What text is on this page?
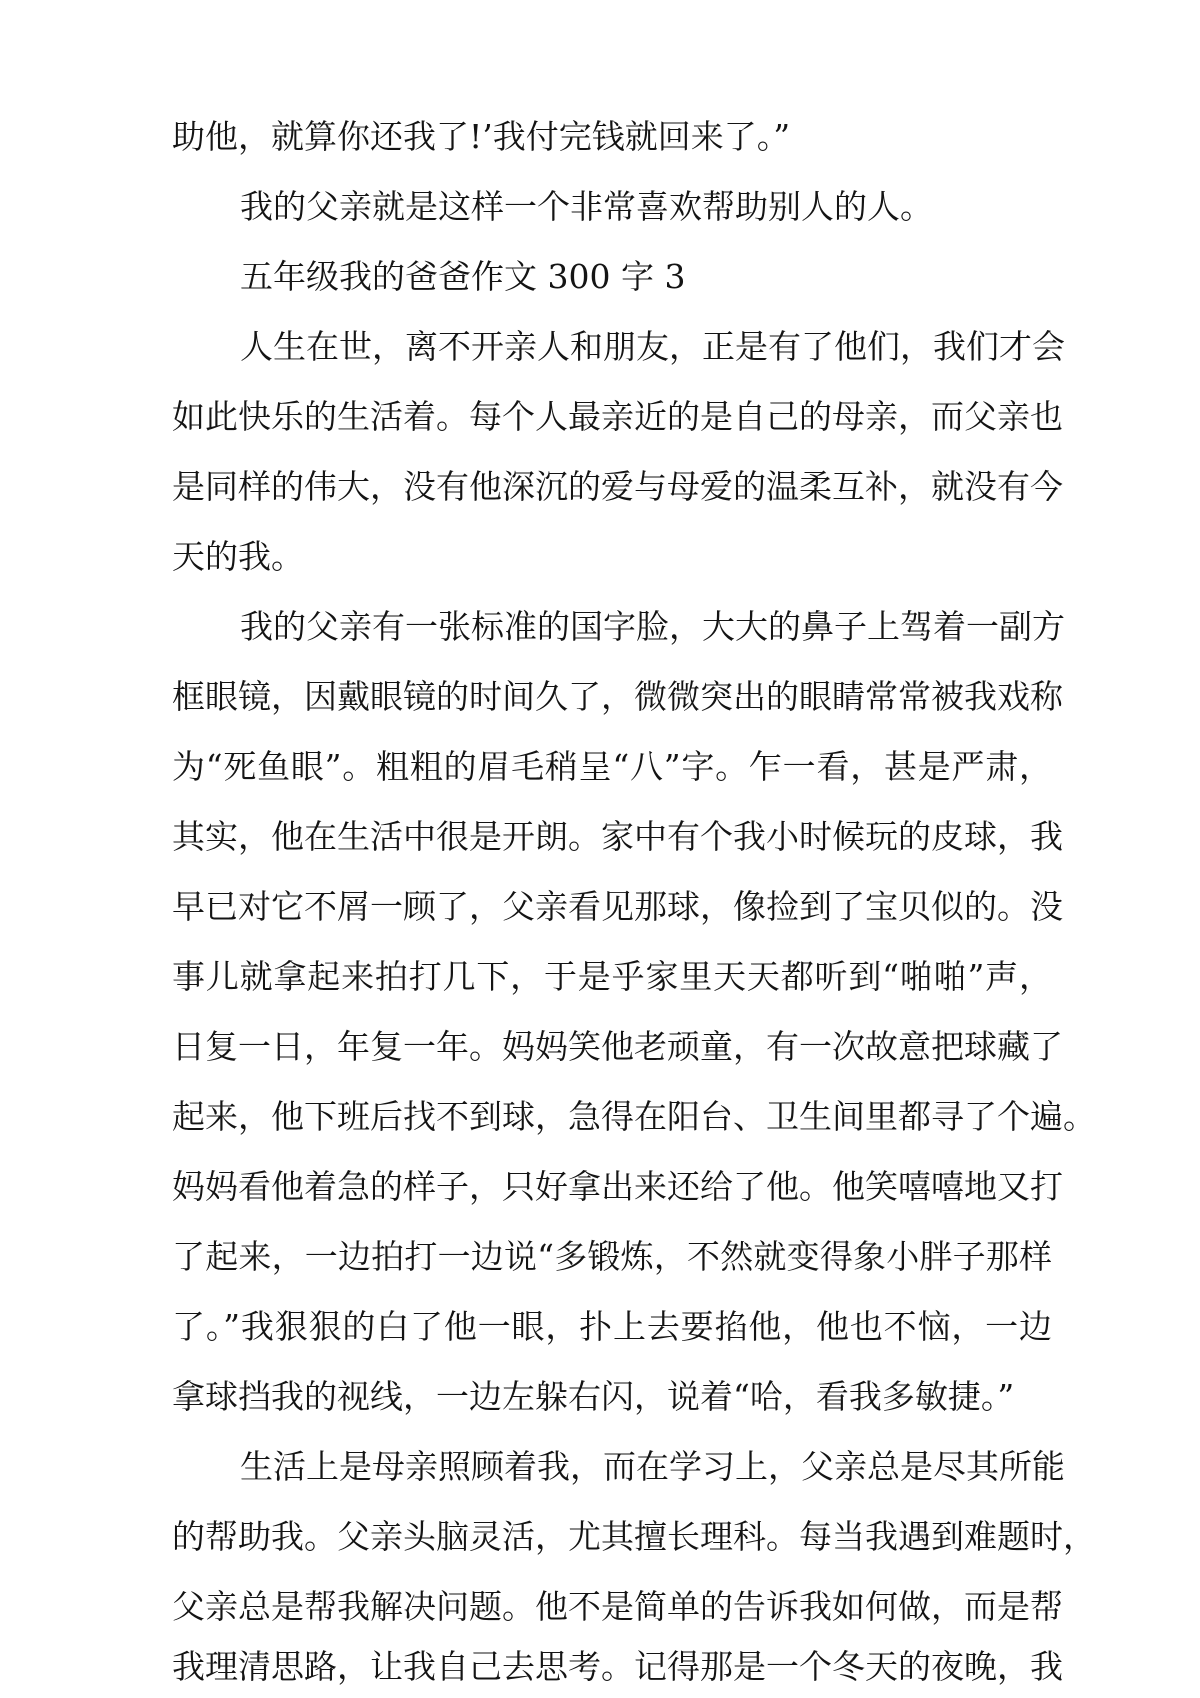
助他，就算你还我了!’我付完钱就回来了。”
我的父亲就是这样一个非常喜欢帮助别人的人。
五年级我的爸爸作文 300 字 3
人生在世，离不开亲人和朋友，正是有了他们，我们才会
如此快乐的生活着。每个人最亲近的是自己的母亲，而父亲也
是同样的伟大，没有他深沉的爱与母爱的温柔互补，就没有今
天的我。
我的父亲有一张标准的国字脸，大大的鼻子上驾着一副方
框眼镜，因戴眼镜的时间久了，微微突出的眼睛常常被我戏称
为“死鱼眼”。粗粗的眉毛稍呈“八”字。乍一看，甚是严肃，
其实，他在生活中很是开朗。家中有个我小时候玩的皮球，我
早已对它不屑一顾了，父亲看见那球，像捡到了宝贝似的。没
事儿就拿起来拍打几下，于是乎家里天天都听到“啪啪”声，
日复一日，年复一年。妈妈笑他老顽童，有一次故意把球藏了
起来，他下班后找不到球，急得在阳台、卫生间里都寻了个遍。
妈妈看他着急的样子，只好拿出来还给了他。他笑嘻嘻地又打
了起来，一边拍打一边说“多锻炼，不然就变得象小胖子那样
了。”我狠狠的白了他一眼，扑上去要掐他，他也不恼，一边
拿球挡我的视线，一边左躲右闪，说着“哈，看我多敏捷。”
生活上是母亲照顾着我，而在学习上，父亲总是尽其所能
的帮助我。父亲头脑灵活，尤其擅长理科。每当我遇到难题时，
父亲总是帮我解决问题。他不是简单的告诉我如何做，而是帮
我理清思路，让我自己去思考。记得那是一个冬天的夜晚，我
